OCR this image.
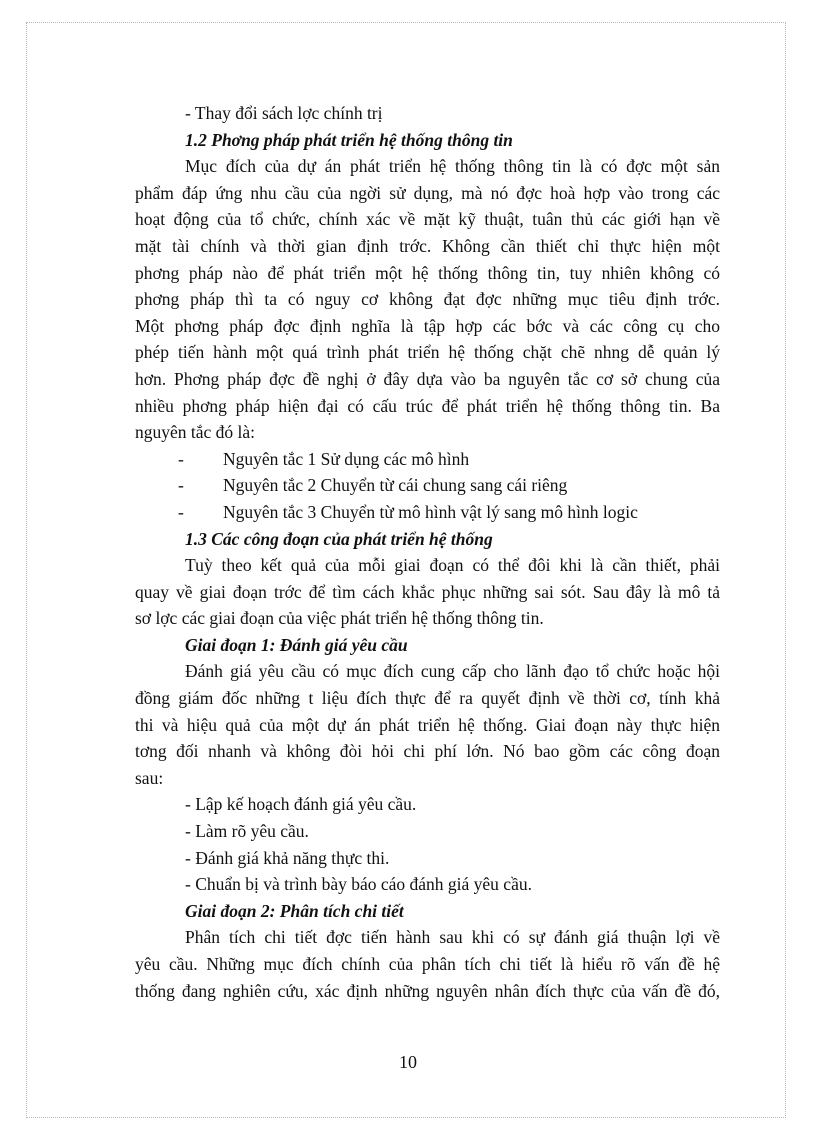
- Thay đổi sách lợc chính trị
1.2 Phơng pháp phát triển hệ thống thông tin
Mục đích của dự án phát triển hệ thống thông tin là có đợc một sản
phẩm đáp ứng nhu cầu của ngời sử dụng, mà nó đợc hoà hợp vào trong các
hoạt động của tổ chức, chính xác về mặt kỹ thuật, tuân thủ các giới hạn về
mặt tài chính và thời gian định trớc. Không cần thiết chỉ thực hiện một
phơng pháp nào để phát triển một hệ thống thông tin, tuy nhiên không có
phơng pháp thì ta có nguy cơ không đạt đợc những mục tiêu định trớc.
Một phơng pháp đợc định nghĩa là tập hợp các bớc và các công cụ cho
phép tiến hành một quá trình phát triển hệ thống chặt chẽ nhng dễ quản lý
hơn. Phơng pháp đợc đề nghị ở đây dựa vào ba nguyên tắc cơ sở chung của
nhiều phơng pháp hiện đại có cấu trúc để phát triển hệ thống thông tin. Ba
nguyên tắc đó là:
-	Nguyên tắc 1 Sử dụng các mô hình
-	Nguyên tắc 2 Chuyển từ cái chung sang cái riêng
-	Nguyên tắc 3 Chuyển từ mô hình vật lý sang mô hình logic
1.3 Các công đoạn của phát triển hệ thống
Tuỳ theo kết quả của mỗi giai đoạn có thể đôi khi là cần thiết, phải
quay về giai đoạn trớc để tìm cách khắc phục những sai sót. Sau đây là mô tả
sơ lợc các giai đoạn của việc phát triển hệ thống thông tin.
Giai đoạn 1: Đánh giá yêu cầu
Đánh giá yêu cầu có mục đích cung cấp cho lãnh đạo tổ chức hoặc hội
đồng giám đốc những t liệu đích thực để ra quyết định về thời cơ, tính khả
thi và hiệu quả của một dự án phát triển hệ thống. Giai đoạn này thực hiện
tơng đối nhanh và không đòi hỏi chi phí lớn. Nó bao gồm các công đoạn
sau:
- Lập kế hoạch đánh giá yêu cầu.
- Làm rõ yêu cầu.
- Đánh giá khả năng thực thi.
- Chuẩn bị và trình bày báo cáo đánh giá yêu cầu.
Giai đoạn 2: Phân tích chi tiết
Phân tích chi tiết đợc tiến hành sau khi có sự đánh giá thuận lợi về
yêu cầu. Những mục đích chính của phân tích chi tiết là hiểu rõ vấn đề hệ
thống đang nghiên cứu, xác định những nguyên nhân đích thực của vấn đề đó,
10
